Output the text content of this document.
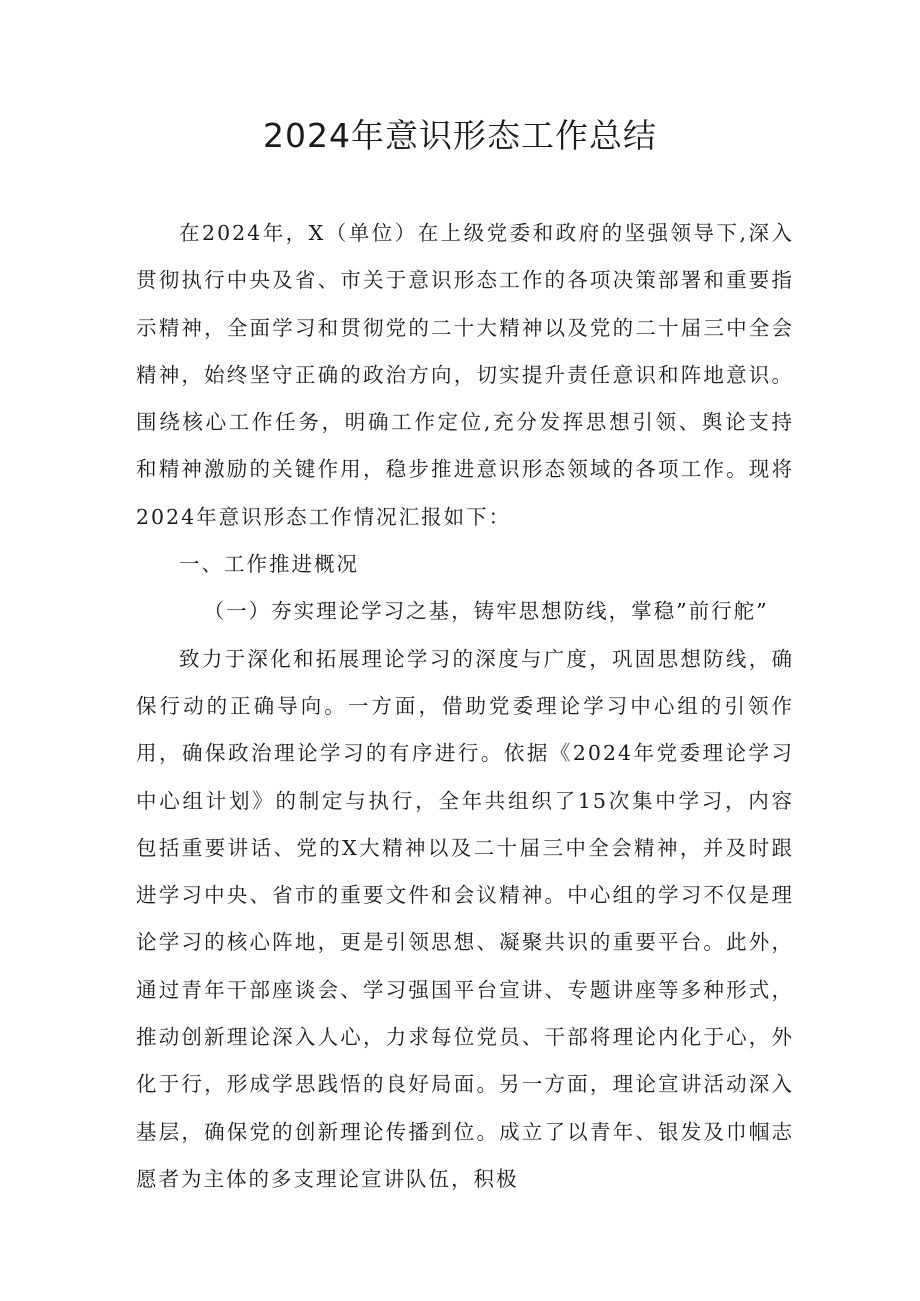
2024年意识形态工作总结

在2024年，X（单位）在上级党委和政府的坚强领导下,深入贯彻执行中央及省、市关于意识形态工作的各项决策部署和重要指示精神，全面学习和贯彻党的二十大精神以及党的二十届三中全会精神，始终坚守正确的政治方向，切实提升责任意识和阵地意识。围绕核心工作任务，明确工作定位,充分发挥思想引领、舆论支持和精神激励的关键作用，稳步推进意识形态领域的各项工作。现将2024年意识形态工作情况汇报如下：

一、工作推进概况

（一）夯实理论学习之基，铸牢思想防线，掌稳”前行舵”

致力于深化和拓展理论学习的深度与广度，巩固思想防线，确保行动的正确导向。一方面，借助党委理论学习中心组的引领作用，确保政治理论学习的有序进行。依据《2024年党委理论学习中心组计划》的制定与执行，全年共组织了15次集中学习，内容包括重要讲话、党的X大精神以及二十届三中全会精神，并及时跟进学习中央、省市的重要文件和会议精神。中心组的学习不仅是理论学习的核心阵地，更是引领思想、凝聚共识的重要平台。此外，通过青年干部座谈会、学习强国平台宣讲、专题讲座等多种形式，推动创新理论深入人心，力求每位党员、干部将理论内化于心，外化于行，形成学思践悟的良好局面。另一方面，理论宣讲活动深入基层，确保党的创新理论传播到位。成立了以青年、银发及巾帼志愿者为主体的多支理论宣讲队伍，积极
